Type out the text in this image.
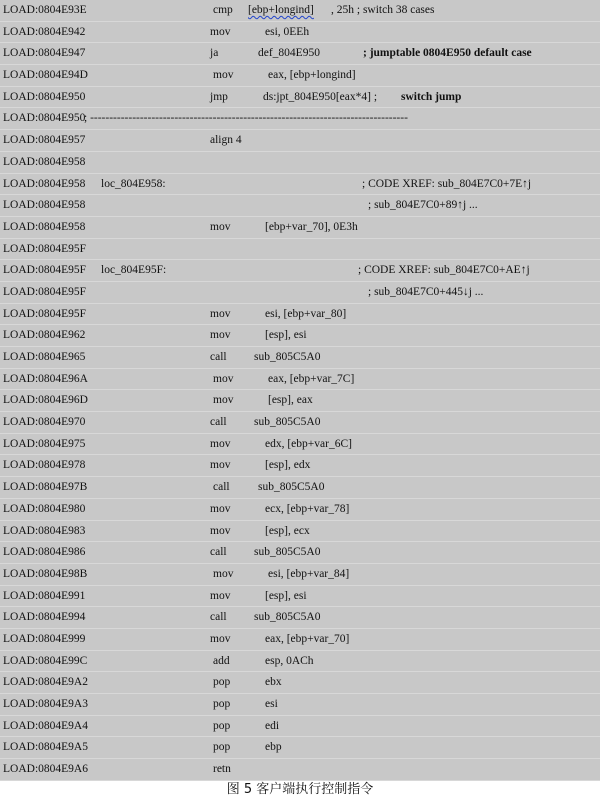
LOAD:0804E93E	cmp [ebp+longind] , 25h ; switch 38 cases
LOAD:0804E942	mov	esi, 0EEh
LOAD:0804E947	ja	def_804E950	; jumptable 0804E950 default case
LOAD:0804E94D	mov	eax, [ebp+longind]
LOAD:0804E950	jmp	ds:jpt_804E950[eax*4] ; switch jump
LOAD:0804E950
; -----------------------------------------------------------------------------------
LOAD:0804E957	align 4
LOAD:0804E958
LOAD:0804E958 loc_804E958:	; CODE XREF: sub_804E7C0+7E↑j
LOAD:0804E958	; sub_804E7C0+89↑j ...
LOAD:0804E958	mov	[ebp+var_70], 0E3h
LOAD:0804E95F
LOAD:0804E95F loc_804E95F:	; CODE XREF: sub_804E7C0+AE↑j
LOAD:0804E95F	; sub_804E7C0+445↓j ...
LOAD:0804E95F	mov	esi, [ebp+var_80]
LOAD:0804E962	mov	[esp], esi
LOAD:0804E965	call sub_805C5A0
LOAD:0804E96A	mov	eax, [ebp+var_7C]
LOAD:0804E96D	mov	[esp], eax
LOAD:0804E970	call sub_805C5A0
LOAD:0804E975	mov	edx, [ebp+var_6C]
LOAD:0804E978	mov	[esp], edx
LOAD:0804E97B	call sub_805C5A0
LOAD:0804E980	mov	ecx, [ebp+var_78]
LOAD:0804E983	mov	[esp], ecx
LOAD:0804E986	call sub_805C5A0
LOAD:0804E98B	mov	esi, [ebp+var_84]
LOAD:0804E991	mov	[esp], esi
LOAD:0804E994	call sub_805C5A0
LOAD:0804E999	mov	eax, [ebp+var_70]
LOAD:0804E99C	add	esp, 0ACh
LOAD:0804E9A2	pop	ebx
LOAD:0804E9A3	pop	esi
LOAD:0804E9A4	pop	edi
LOAD:0804E9A5	pop	ebp
LOAD:0804E9A6	retn
图 5 客户端执行控制指令
